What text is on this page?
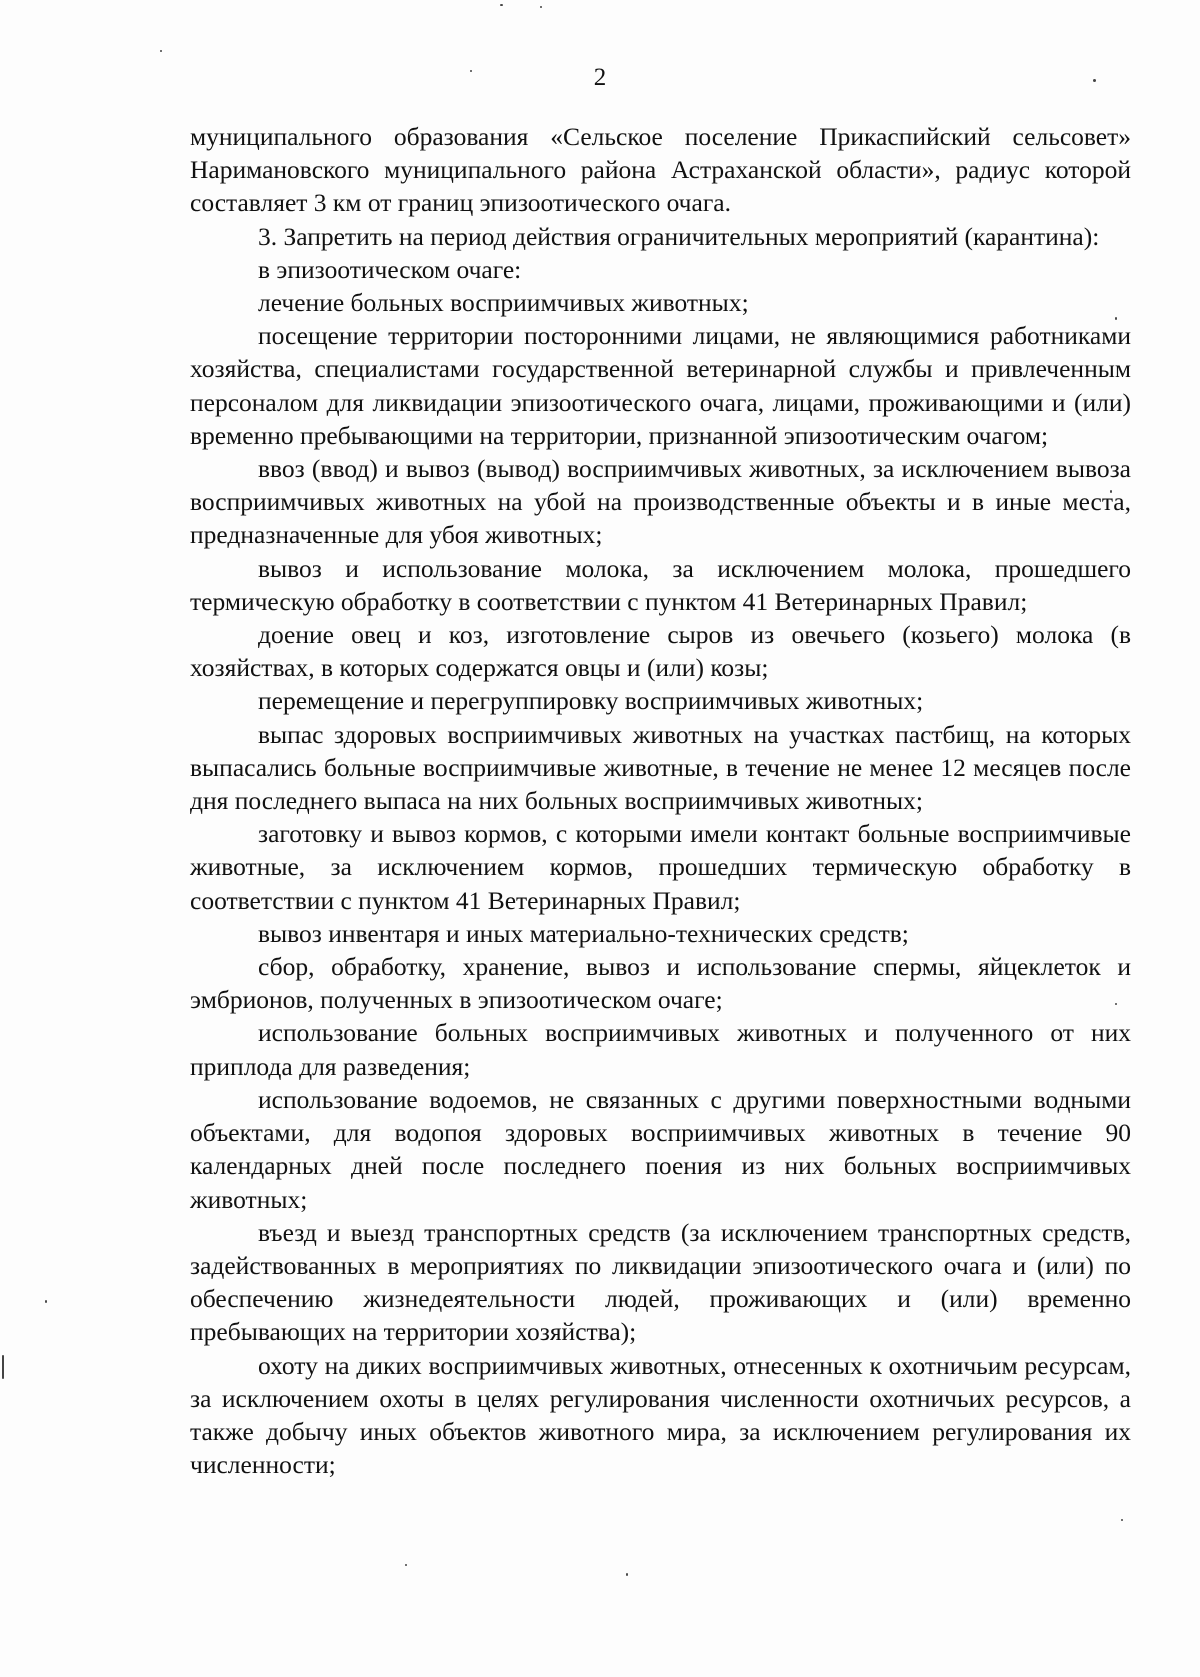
2

муниципального образования «Сельское поселение Прикаспийский сельсовет» Наримановского муниципального района Астраханской области», радиус которой составляет 3 км от границ эпизоотического очага.

3. Запретить на период действия ограничительных мероприятий (карантина):

в эпизоотическом очаге:

лечение больных восприимчивых животных;

посещение территории посторонними лицами, не являющимися работниками хозяйства, специалистами государственной ветеринарной службы и привлеченным персоналом для ликвидации эпизоотического очага, лицами, проживающими и (или) временно пребывающими на территории, признанной эпизоотическим очагом;

ввоз (ввод) и вывоз (вывод) восприимчивых животных, за исключением вывоза восприимчивых животных на убой на производственные объекты и в иные места, предназначенные для убоя животных;

вывоз и использование молока, за исключением молока, прошедшего термическую обработку в соответствии с пунктом 41 Ветеринарных Правил;

доение овец и коз, изготовление сыров из овечьего (козьего) молока (в хозяйствах, в которых содержатся овцы и (или) козы;

перемещение и перегруппировку восприимчивых животных;

выпас здоровых восприимчивых животных на участках пастбищ, на которых выпасались больные восприимчивые животные, в течение не менее 12 месяцев после дня последнего выпаса на них больных восприимчивых животных;

заготовку и вывоз кормов, с которыми имели контакт больные восприимчивые животные, за исключением кормов, прошедших термическую обработку в соответствии с пунктом 41 Ветеринарных Правил;

вывоз инвентаря и иных материально-технических средств;

сбор, обработку, хранение, вывоз и использование спермы, яйцеклеток и эмбрионов, полученных в эпизоотическом очаге;

использование больных восприимчивых животных и полученного от них приплода для разведения;

использование водоемов, не связанных с другими поверхностными водными объектами, для водопоя здоровых восприимчивых животных в течение 90 календарных дней после последнего поения из них больных восприимчивых животных;

въезд и выезд транспортных средств (за исключением транспортных средств, задействованных в мероприятиях по ликвидации эпизоотического очага и (или) по обеспечению жизнедеятельности людей, проживающих и (или) временно пребывающих на территории хозяйства);

охоту на диких восприимчивых животных, отнесенных к охотничьим ресурсам, за исключением охоты в целях регулирования численности охотничьих ресурсов, а также добычу иных объектов животного мира, за исключением регулирования их численности;
